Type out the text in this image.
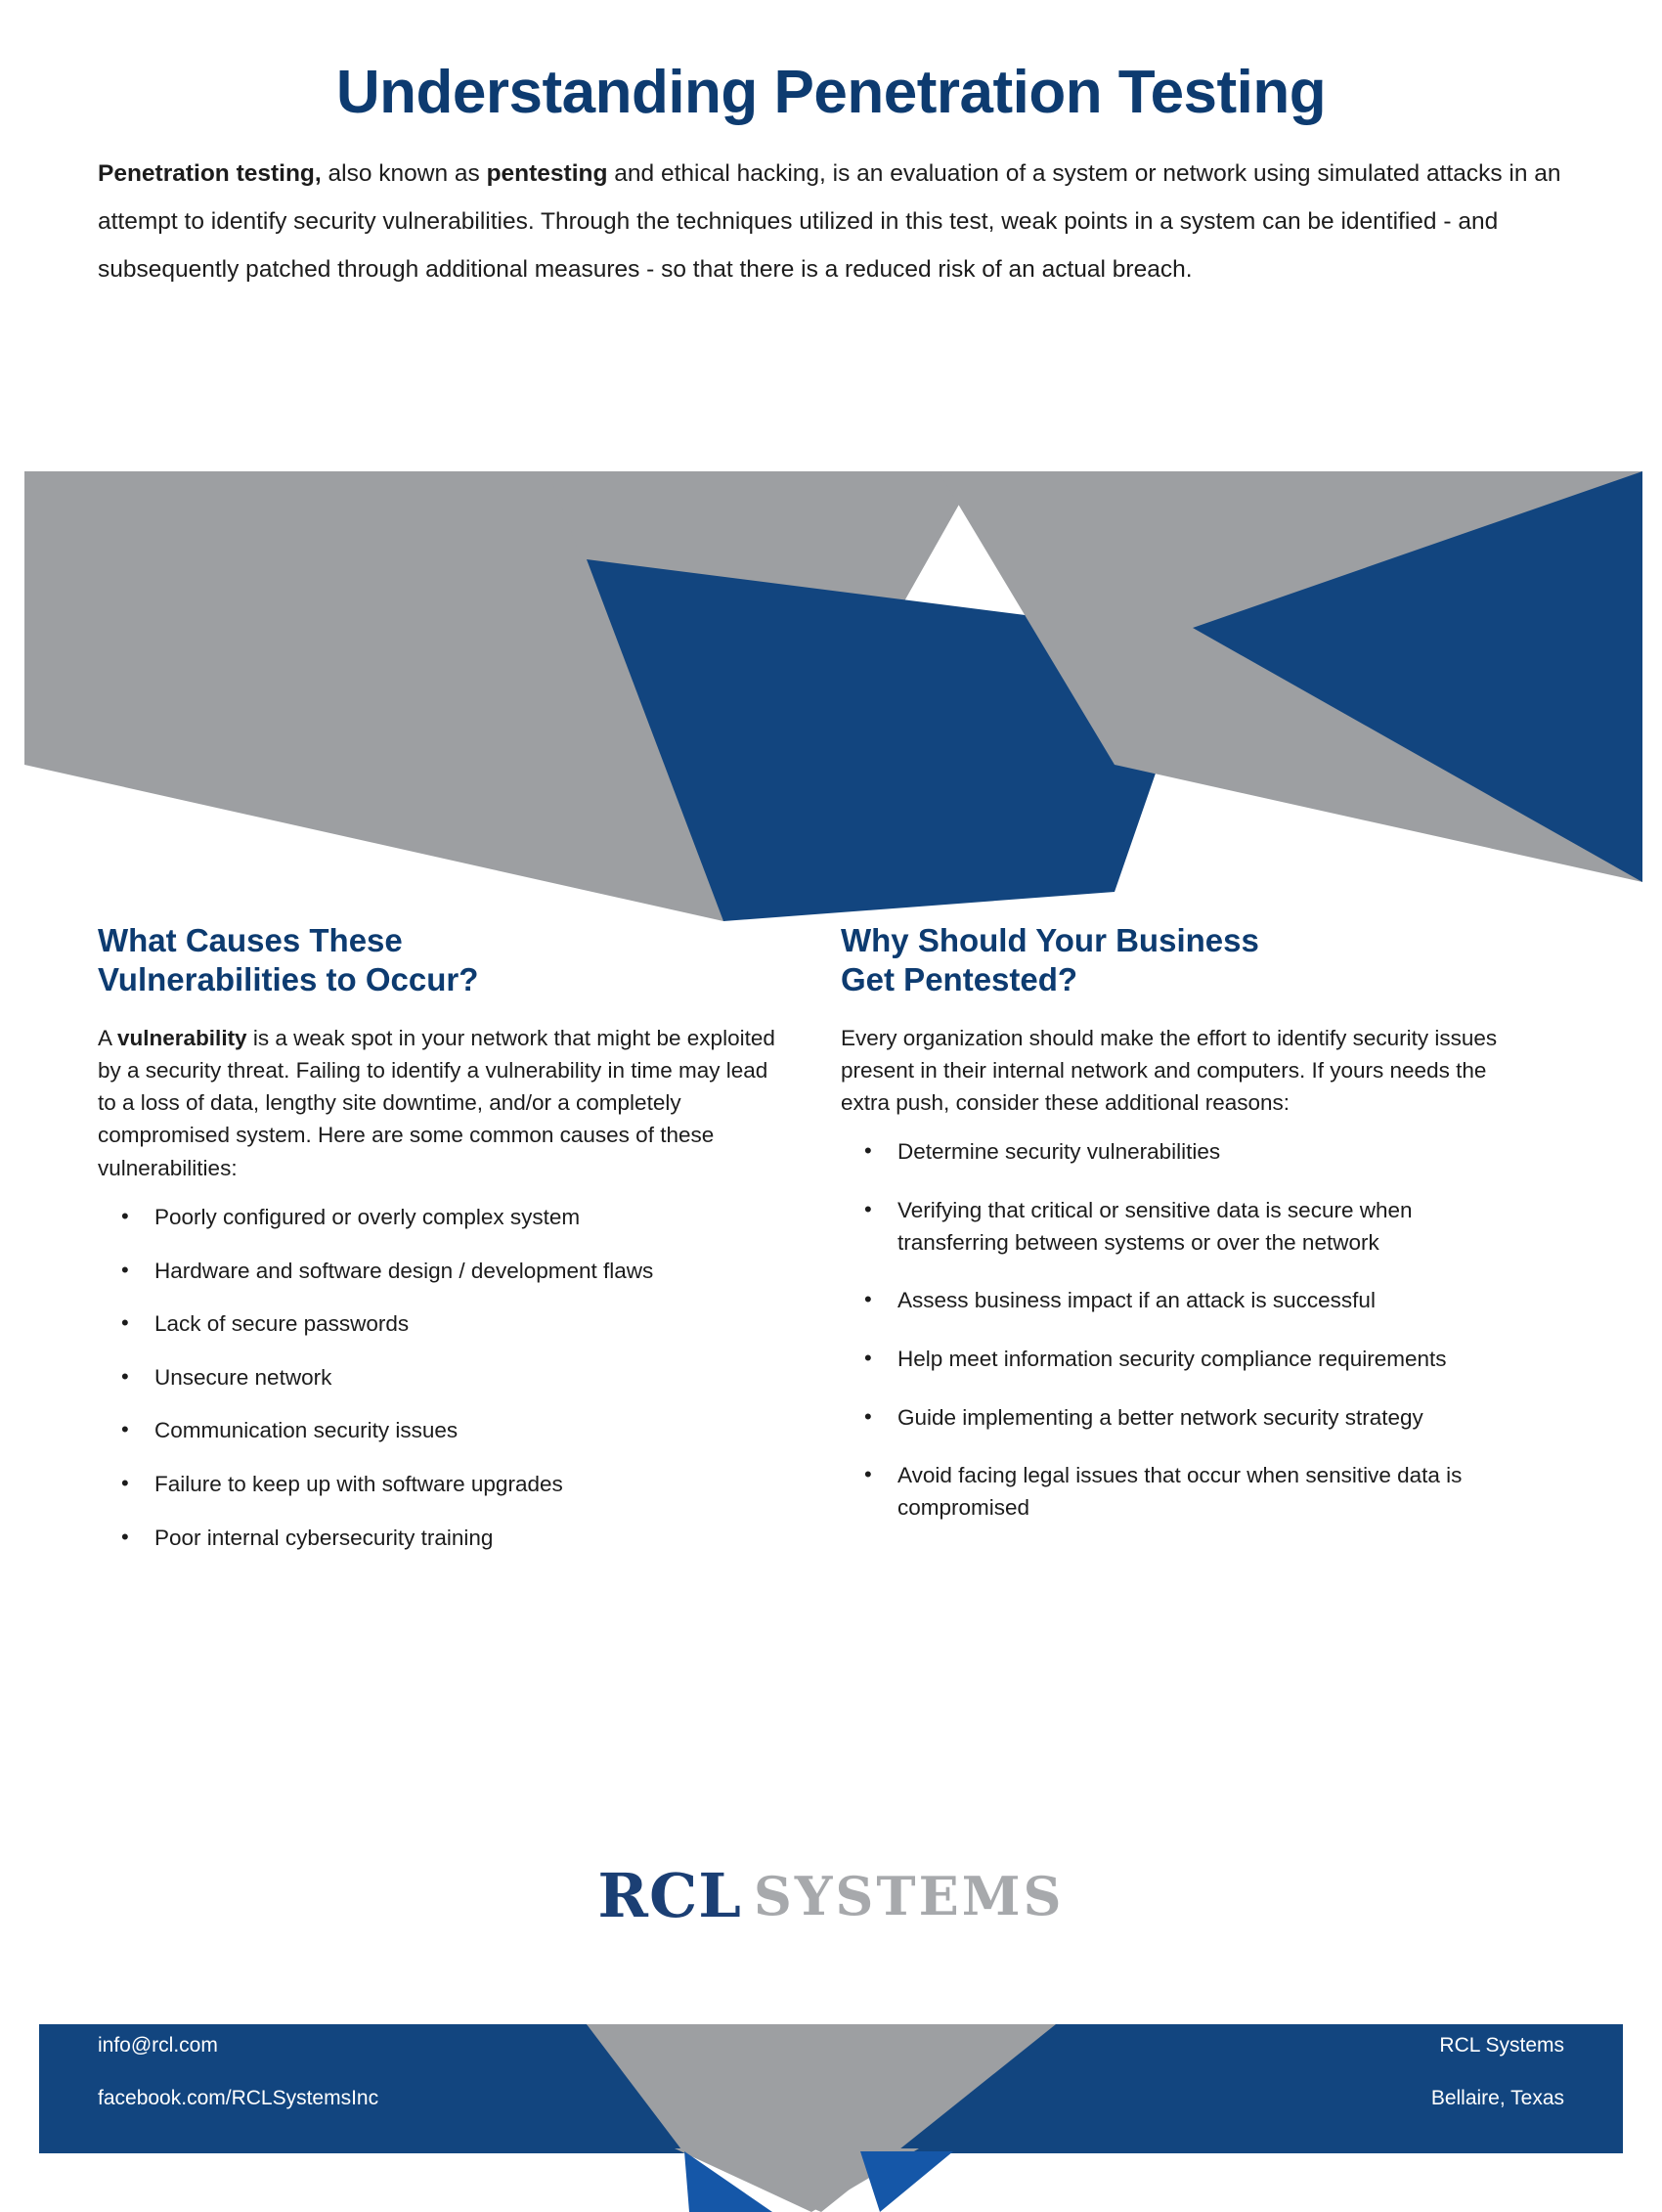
Understanding Penetration Testing

Penetration testing, also known as pentesting and ethical hacking, is an evaluation of a system or network using simulated attacks in an attempt to identify security vulnerabilities. Through the techniques utilized in this test, weak points in a system can be identified - and subsequently patched through additional measures - so that there is a reduced risk of an actual breach.

What Causes These
Vulnerabilities to Occur?

A vulnerability is a weak spot in your network that might be exploited by a security threat. Failing to identify a vulnerability in time may lead to a loss of data, lengthy site downtime, and/or a completely compromised system. Here are some common causes of these vulnerabilities:

• Poorly configured or overly complex system
• Hardware and software design / development flaws
• Lack of secure passwords
• Unsecure network
• Communication security issues
• Failure to keep up with software upgrades
• Poor internal cybersecurity training
Why Should Your Business
Get Pentested?

Every organization should make the effort to identify security issues present in their internal network and computers. If yours needs the extra push, consider these additional reasons:

• Determine security vulnerabilities
• Verifying that critical or sensitive data is secure when transferring between systems or over the network
• Assess business impact if an attack is successful
• Help meet information security compliance requirements
• Guide implementing a better network security strategy
• Avoid facing legal issues that occur when sensitive data is compromised
RCL SYSTEMS
www.rcl.com
info@rcl.com
facebook.com/RCLSystemsInc
(281) 240-2777
RCL Systems
Bellaire, Texas
